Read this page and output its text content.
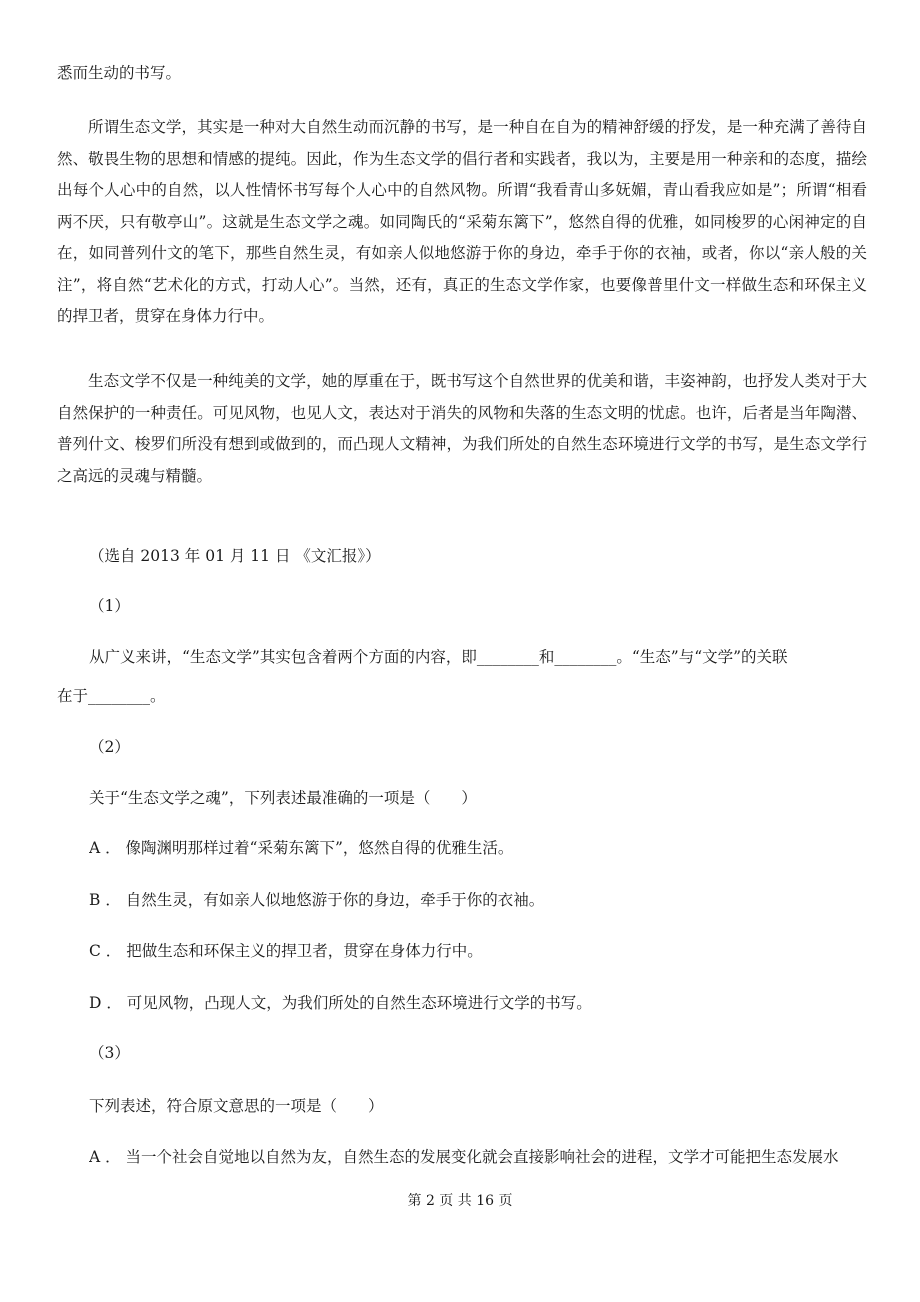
悉而生动的书写。

所谓生态文学，其实是一种对大自然生动而沉静的书写，是一种自在自为的精神舒缓的抒发，是一种充满了善待自然、敬畏生物的思想和情感的提纯。因此，作为生态文学的倡行者和实践者，我以为，主要是用一种亲和的态度，描绘出每个人心中的自然，以人性情怀书写每个人心中的自然风物。所谓“我看青山多妩媚，青山看我应如是”；所谓“相看两不厌，只有敬亭山”。这就是生态文学之魂。如同陶氏的“采菊东篱下”，悠然自得的优雅，如同梭罗的心闲神定的自在，如同普列什文的笔下，那些自然生灵，有如亲人似地悠游于你的身边，牵手于你的衣袖，或者，你以“亲人般的关注”，将自然“艺术化的方式，打动人心”。当然，还有，真正的生态文学作家，也要像普里什文一样做生态和环保主义的捍卫者，贯穿在身体力行中。

生态文学不仅是一种纯美的文学，她的厚重在于，既书写这个自然世界的优美和谐，丰姿神韵，也抒发人类对于大自然保护的一种责任。可见风物，也见人文，表达对于消失的风物和失落的生态文明的忧虑。也许，后者是当年陶潜、普列什文、梭罗们所没有想到或做到的，而凸现人文精神，为我们所处的自然生态环境进行文学的书写，是生态文学行之高远的灵魂与精髓。

（选自 2013 年 01 月 11 日 《文汇报》）

（1）

从广义来讲，“生态文学”其实包含着两个方面的内容，即________和________。“生态”与“文学”的关联

在于________。

（2）

关于“生态文学之魂”，下列表述最准确的一项是（　　）

A ． 像陶渊明那样过着“采菊东篱下”，悠然自得的优雅生活。

B ． 自然生灵，有如亲人似地悠游于你的身边，牵手于你的衣袖。

C ． 把做生态和环保主义的捍卫者，贯穿在身体力行中。

D ． 可见风物，凸现人文，为我们所处的自然生态环境进行文学的书写。

（3）

下列表述，符合原文意思的一项是（　　）

A ． 当一个社会自觉地以自然为友，自然生态的发展变化就会直接影响社会的进程，文学才可能把生态发展水

第 2 页 共 16 页
